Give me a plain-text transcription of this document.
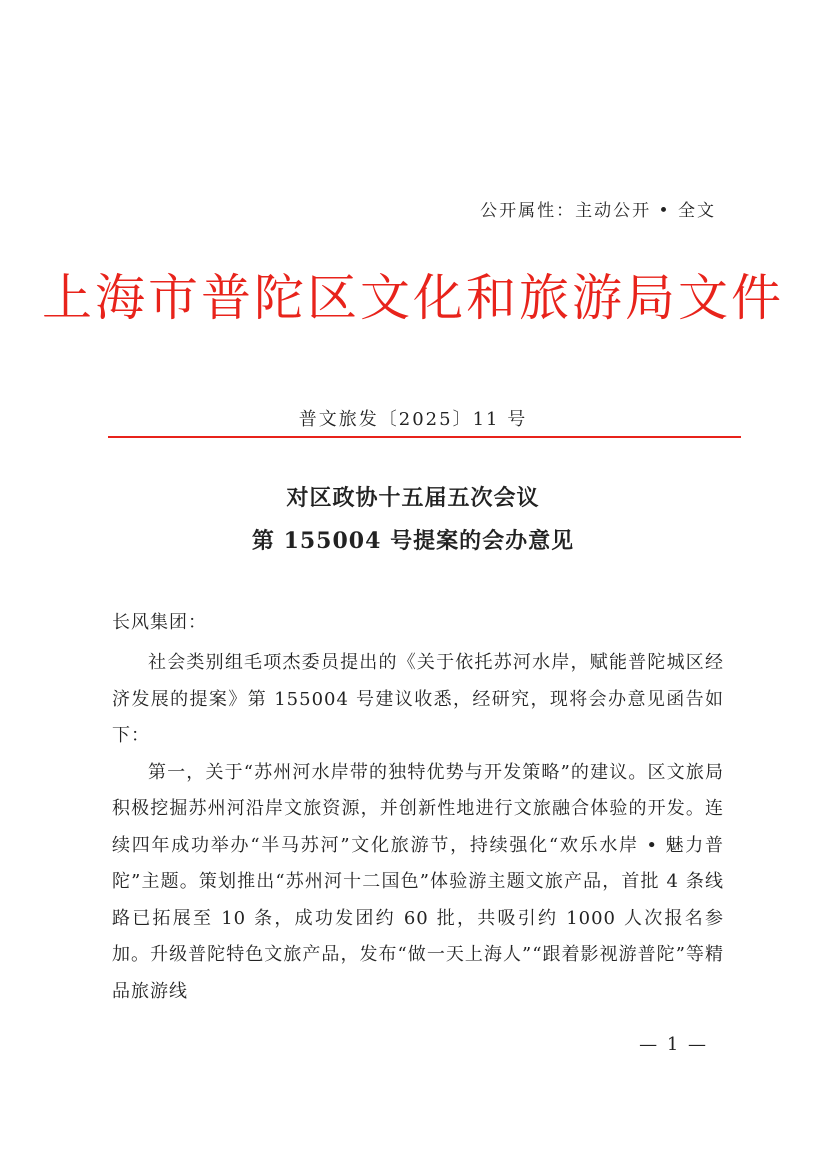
公开属性：主动公开 • 全文
上海市普陀区文化和旅游局文件
普文旅发〔2025〕11 号
对区政协十五届五次会议
第 155004 号提案的会办意见
长风集团：

社会类别组毛项杰委员提出的《关于依托苏河水岸，赋能普陀城区经济发展的提案》第 155004 号建议收悉，经研究，现将会办意见函告如下：

第一，关于“苏州河水岸带的独特优势与开发策略”的建议。区文旅局积极挖掘苏州河沿岸文旅资源，并创新性地进行文旅融合体验的开发。连续四年成功举办“半马苏河”文化旅游节，持续强化“欢乐水岸 • 魅力普陀”主题。策划推出“苏州河十二国色”体验游主题文旅产品，首批 4 条线路已拓展至 10 条，成功发团约 60 批，共吸引约 1000 人次报名参加。升级普陀特色文旅产品，发布“做一天上海人”“跟着影视游普陀”等精品旅游线

— 1 —
